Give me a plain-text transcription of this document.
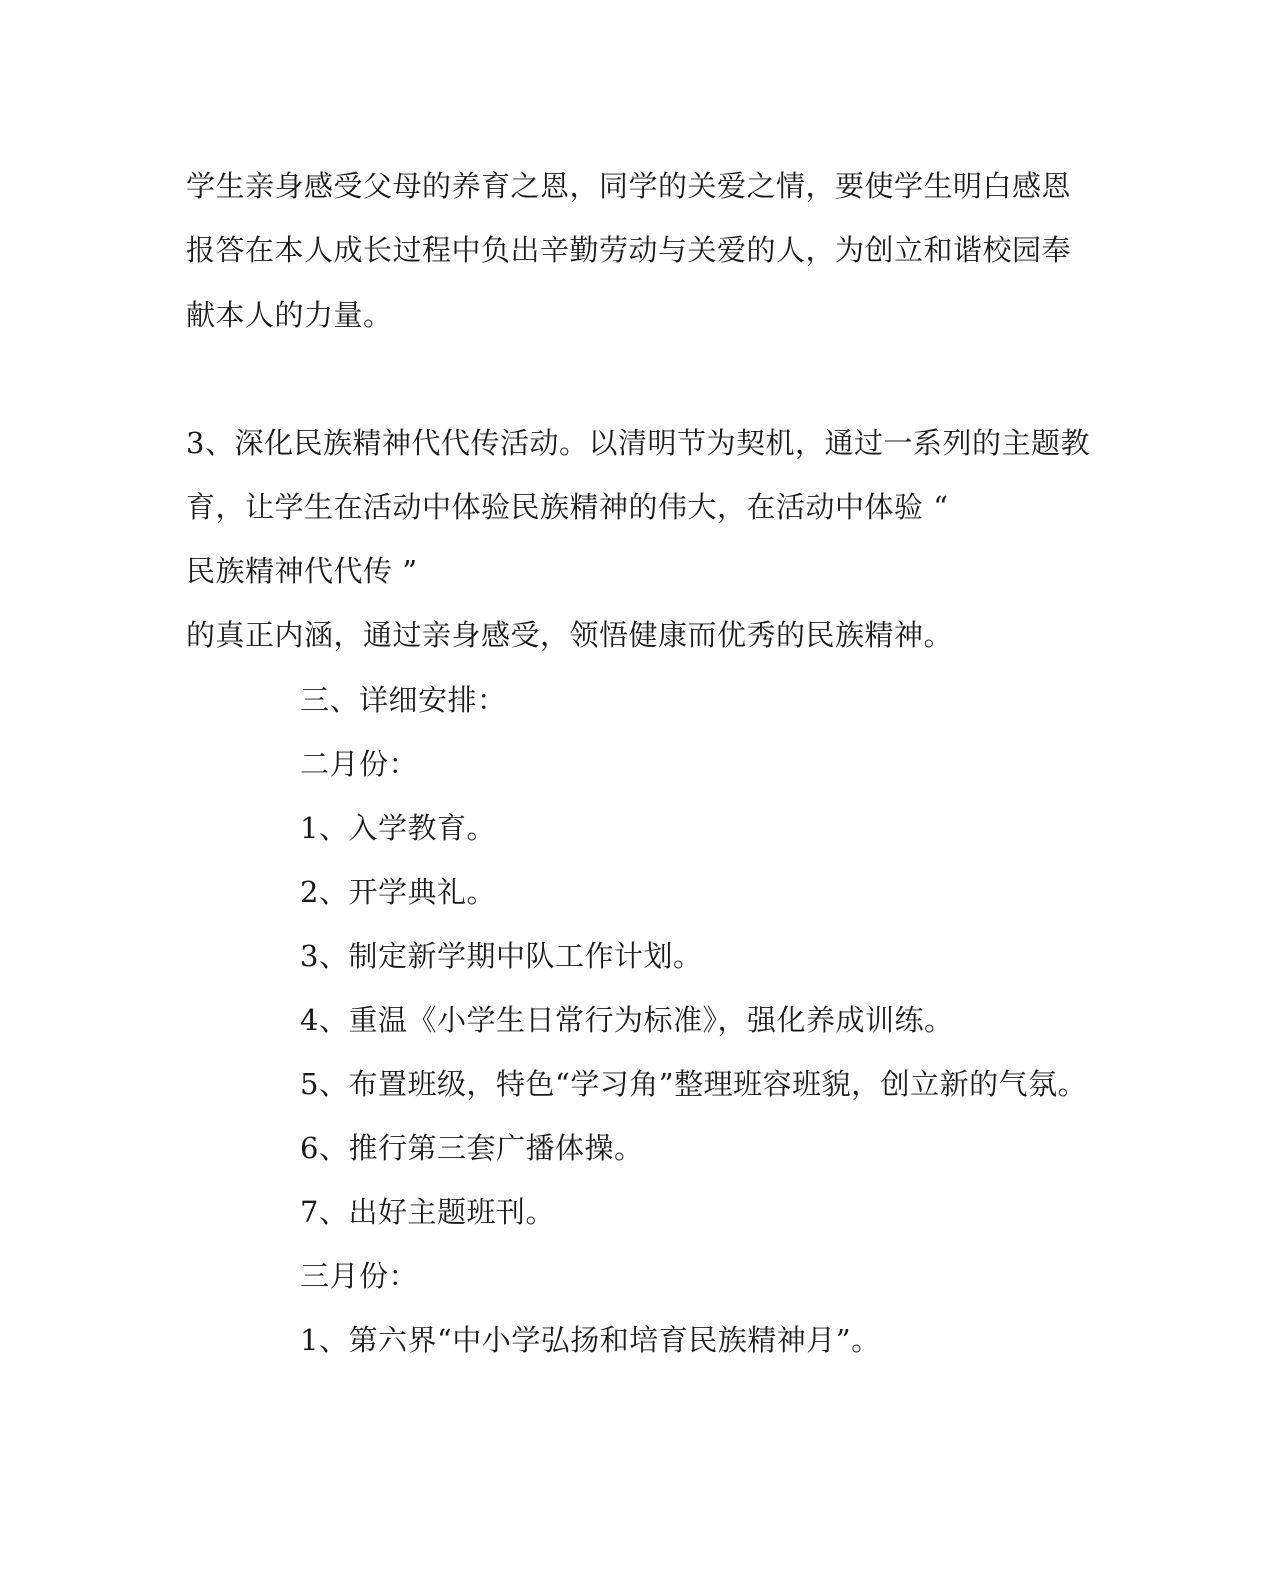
学生亲身感受父母的养育之恩，同学的关爱之情，要使学生明白感恩
报答在本人成长过程中负出辛勤劳动与关爱的人，为创立和谐校园奉
献本人的力量。
3、深化民族精神代代传活动。以清明节为契机，通过一系列的主题教
育，让学生在活动中体验民族精神的伟大，在活动中体验 “
民族精神代代传 ”
的真正内涵，通过亲身感受，领悟健康而优秀的民族精神。
三、详细安排：
二月份：
1、入学教育。
2、开学典礼。
3、制定新学期中队工作计划。
4、重温《小学生日常行为标准》，强化养成训练。
5、布置班级，特色“学习角”整理班容班貌，创立新的气氛。
6、推行第三套广播体操。
7、出好主题班刊。
三月份：
1、第六界“中小学弘扬和培育民族精神月”。
